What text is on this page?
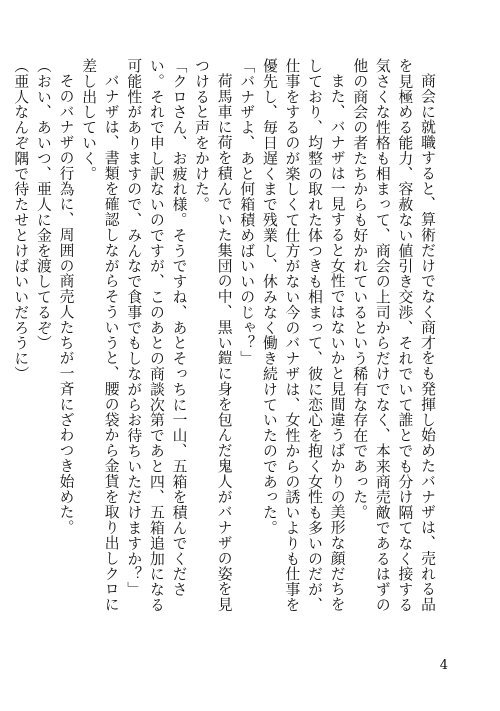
商会に就職すると、算術だけでなく商才をも発揮し始めたバナザは、売れる品を見極める能力、容赦ない値引き交渉、それでいて誰とでも分け隔てなく接する気さくな性格も相まって、商会の上司からだけでなく、本来商売敵であるはずの他の商会の者たちからも好かれているという稀有な存在であった。

また、バナザは一見すると女性ではないかと見間違うばかりの美形な顔だちをしており、均整の取れた体つきも相まって、彼に恋心を抱く女性も多いのだが、仕事をするのが楽しくて仕方がない今のバナザは、女性からの誘いよりも仕事を優先し、毎日遅くまで残業し、休みなく働き続けていたのであった。

「バナザよ、あと何箱積めばいいのじゃ？」

荷馬車に荷を積んでいた集団の中、黒い鎧に身を包んだ鬼人がバナザの姿を見つけると声をかけた。

「クロさん、お疲れ様。そうですね、あとそっちに一山、五箱を積んでください。それで申し訳ないのですが、このあとの商談次第であと四、五箱追加になる可能性がありますので、みんなで食事でもしながらお待ちいただけますか？」

バナザは、書類を確認しながらそういうと、腰の袋から金貨を取り出しクロに差し出していく。

そのバナザの行為に、周囲の商売人たちが一斉にざわつき始めた。

（おい、あいつ、亜人に金を渡してるぞ）

（亜人なんぞ隅で待たせとけばいいだろうに）

4
